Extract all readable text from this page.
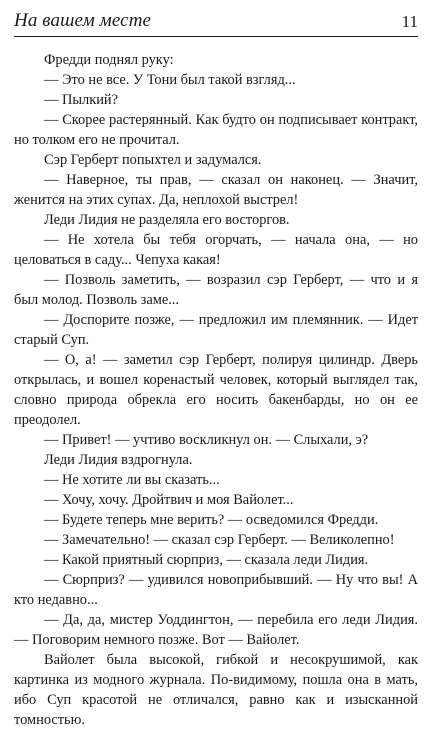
На вашем месте	11

Фредди поднял руку:

— Это не все. У Тони был такой взгляд...

— Пылкий?

— Скорее растерянный. Как будто он подписывает контракт, но толком его не прочитал.

Сэр Герберт попыхтел и задумался.

— Наверное, ты прав, — сказал он наконец. — Значит, женится на этих супах. Да, неплохой выстрел!

Леди Лидия не разделяла его восторгов.

— Не хотела бы тебя огорчать, — начала она, — но целоваться в саду... Чепуха какая!

— Позволь заметить, — возразил сэр Герберт, — что и я был молод. Позволь заме...

— Доспорите позже, — предложил им племянник. — Идет старый Суп.

— О, а! — заметил сэр Герберт, полируя цилиндр. Дверь открылась, и вошел коренастый человек, который выглядел так, словно природа обрекла его носить бакенбарды, но он ее преодолел.

— Привет! — учтиво воскликнул он. — Слыхали, э?

Леди Лидия вздрогнула.

— Не хотите ли вы сказать...

— Хочу, хочу. Дройтвич и моя Вайолет...

— Будете теперь мне верить? — осведомился Фредди.

— Замечательно! — сказал сэр Герберт. — Великолепно!

— Какой приятный сюрприз, — сказала леди Лидия.

— Сюрприз? — удивился новоприбывший. — Ну что вы! А кто недавно...

— Да, да, мистер Уоддингтон, — перебила его леди Лидия. — Поговорим немного позже. Вот — Вайолет.

Вайолет была высокой, гибкой и несокрушимой, как картинка из модного журнала. По-видимому, пошла она в мать, ибо Суп красотой не отличался, равно как и изысканной томностью.
